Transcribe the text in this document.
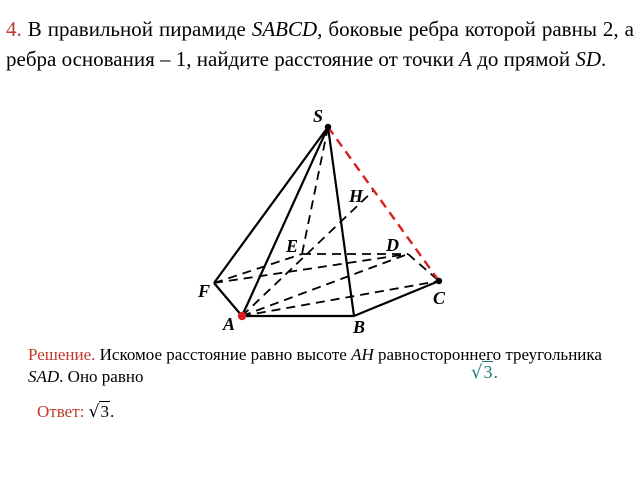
4. В правильной пирамиде SABCD, боковые ребра которой равны 2, а ребра основания – 1, найдите расстояние от точки A до прямой SD.
S
H
E	D
F	C
A	B
Решение. Искомое расстояние равно высоте AH равностороннего треугольника SAD. Оно равно	√3.
Ответ: √3.
